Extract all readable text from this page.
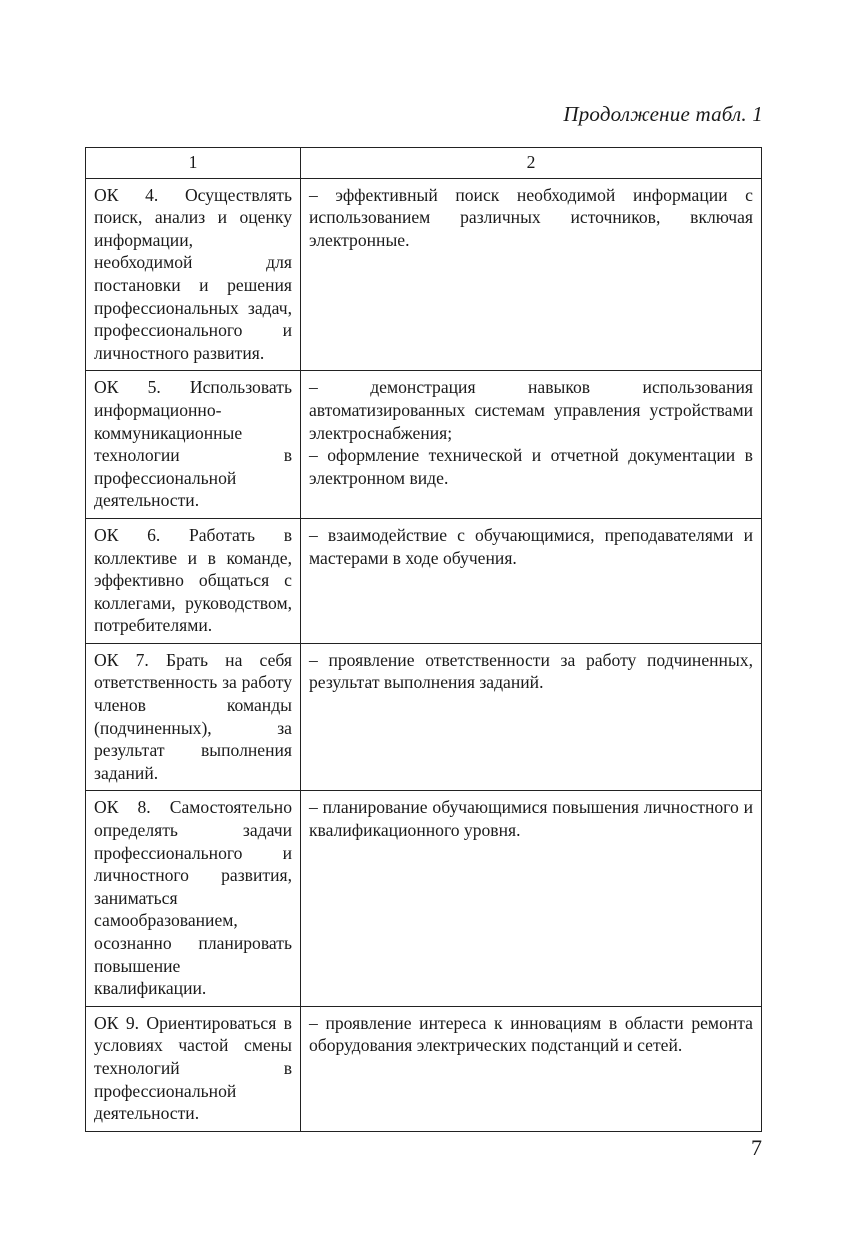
Продолжение табл. 1
1	2
ОК 4. Осуществлять поиск, анализ и оценку информации, необходимой для постановки и решения профессиональных задач, профессионального и личностного развития.	– эффективный поиск необходимой информации с использованием различных источников, включая электронные.

ОК 5. Использовать информационно-коммуникационные технологии в профессиональной деятельности.	– демонстрация навыков использования автоматизированных системам управления устройствами электроснабжения;
– оформление технической и отчетной документации в электронном виде.

ОК 6. Работать в коллективе и в команде, эффективно общаться с коллегами, руководством, потребителями.	– взаимодействие с обучающимися, преподавателями и мастерами в ходе обучения.

ОК 7. Брать на себя ответственность за работу членов команды (подчиненных), за результат выполнения заданий.	– проявление ответственности за работу подчиненных, результат выполнения заданий.

ОК 8. Самостоятельно определять задачи профессионального и личностного развития, заниматься самообразованием, осознанно планировать повышение квалификации.	– планирование обучающимися повышения личностного и квалификационного уровня.

ОК 9. Ориентироваться в условиях частой смены технологий в профессиональной деятельности.	– проявление интереса к инновациям в области ремонта оборудования электрических подстанций и сетей.
7
